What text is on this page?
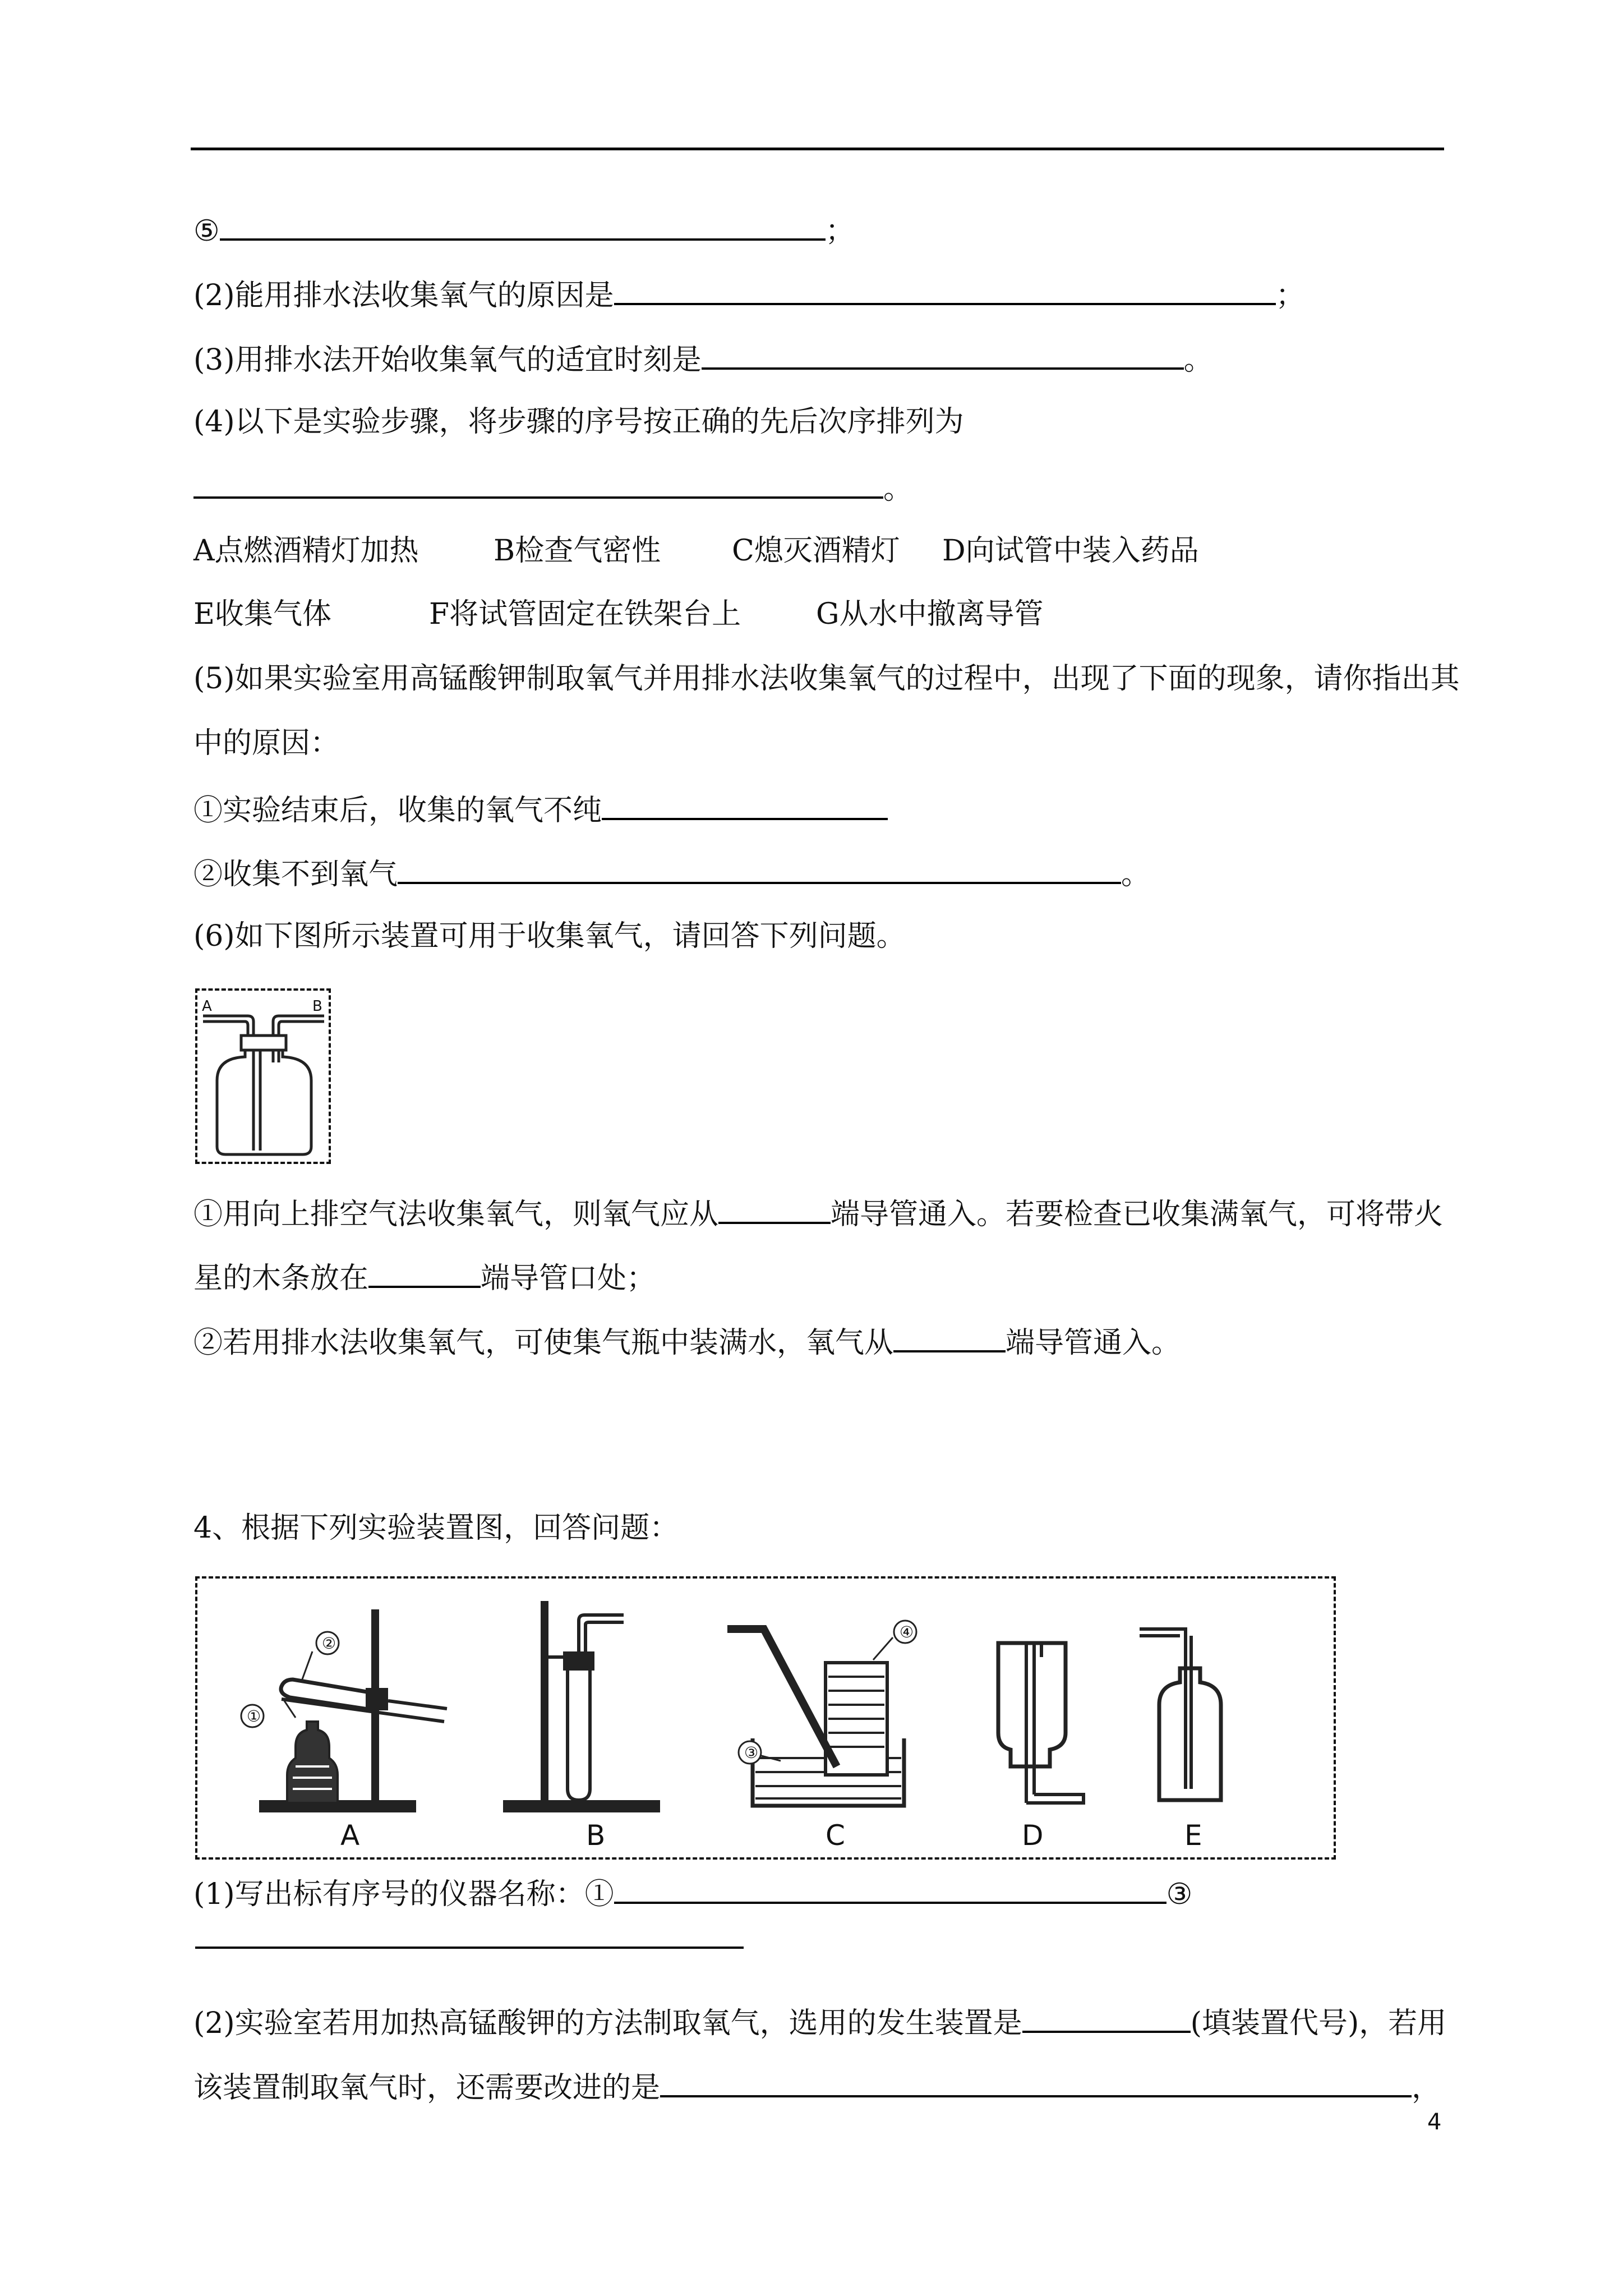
⑤	；
(2)能用排水法收集氧气的原因是	；
(3)用排水法开始收集氧气的适宜时刻是	。
(4)以下是实验步骤，将步骤的序号按正确的先后次序排列为
。
A点燃酒精灯加热	B检查气密性 C熄灭酒精灯 D向试管中装入药品
E收集气体	F将试管固定在铁架台上	G从水中撤离导管
(5)如果实验室用高锰酸钾制取氧气并用排水法收集氧气的过程中，出现了下面的现象，请你指出其
中的原因：
①实验结束后，收集的氧气不纯
②收集不到氧气	。
(6)如下图所示装置可用于收集氧气，请回答下列问题。
A	B
①用向上排空气法收集氧气，则氧气应从	端导管通入。若要检查已收集满氧气，可将带火
星的木条放在	端导管口处；
②若用排水法收集氧气，可使集气瓶中装满水，氧气从	端导管通入。
4、根据下列实验装置图，回答问题：
①
②
A	B
④
③
C	D	E
(1)写出标有序号的仪器名称：①	③
(2)实验室若用加热高锰酸钾的方法制取氧气，选用的发生装置是	(填装置代号)，若用
该装置制取氧气时，还需要改进的是	，
4
